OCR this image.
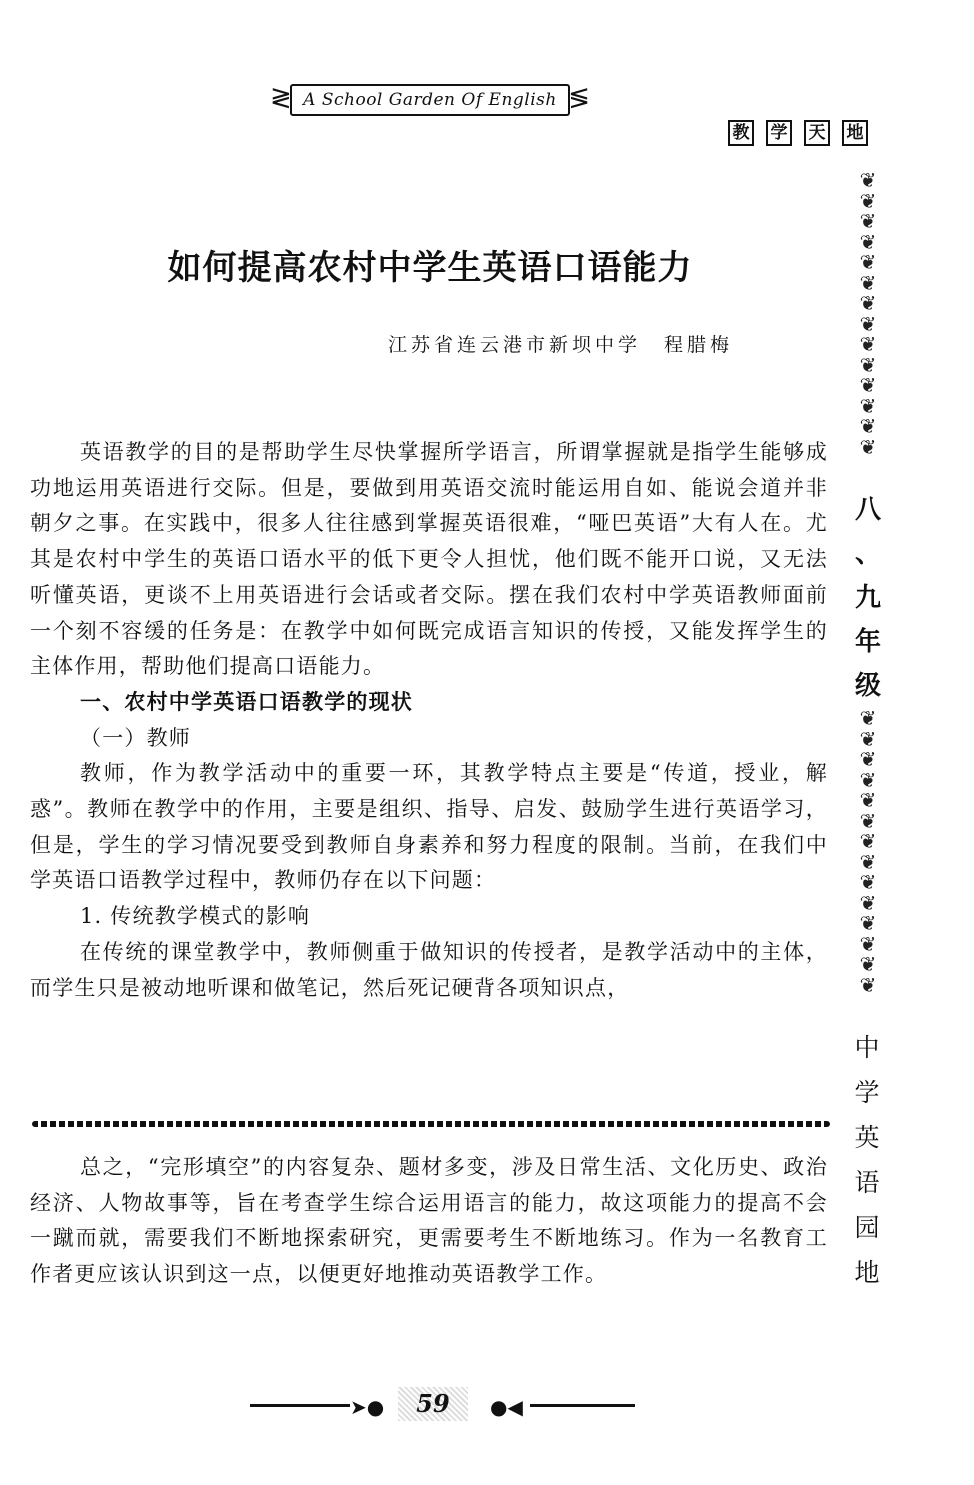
≷ A School Garden Of English ≶
教 学 天 地
❦
❦
❦
❦
❦
❦
❦
❦
❦
❦
❦
❦
❦
❦
八
、
九
年
级
❦
❦
❦
❦
❦
❦
❦
❦
❦
❦
❦
❦
❦
❦
中
学
英
语
园
地
如何提高农村中学生英语口语能力
江苏省连云港市新坝中学　程腊梅

英语教学的目的是帮助学生尽快掌握所学语言，所谓掌握就是指学生能够成功地运用英语进行交际。但是，要做到用英语交流时能运用自如、能说会道并非朝夕之事。在实践中，很多人往往感到掌握英语很难，“哑巴英语”大有人在。尤其是农村中学生的英语口语水平的低下更令人担忧，他们既不能开口说，又无法听懂英语，更谈不上用英语进行会话或者交际。摆在我们农村中学英语教师面前一个刻不容缓的任务是：在教学中如何既完成语言知识的传授，又能发挥学生的主体作用，帮助他们提高口语能力。

一、农村中学英语口语教学的现状

（一）教师

教师，作为教学活动中的重要一环，其教学特点主要是“传道，授业，解惑”。教师在教学中的作用，主要是组织、指导、启发、鼓励学生进行英语学习，但是，学生的学习情况要受到教师自身素养和努力程度的限制。当前，在我们中学英语口语教学过程中，教师仍存在以下问题：

1. 传统教学模式的影响

在传统的课堂教学中，教师侧重于做知识的传授者，是教学活动中的主体，而学生只是被动地听课和做笔记，然后死记硬背各项知识点，

总之，“完形填空”的内容复杂、题材多变，涉及日常生活、文化历史、政治经济、人物故事等，旨在考查学生综合运用语言的能力，故这项能力的提高不会一蹴而就，需要我们不断地探索研究，更需要考生不断地练习。作为一名教育工作者更应该认识到这一点，以便更好地推动英语教学工作。

➤●	59	●◀
